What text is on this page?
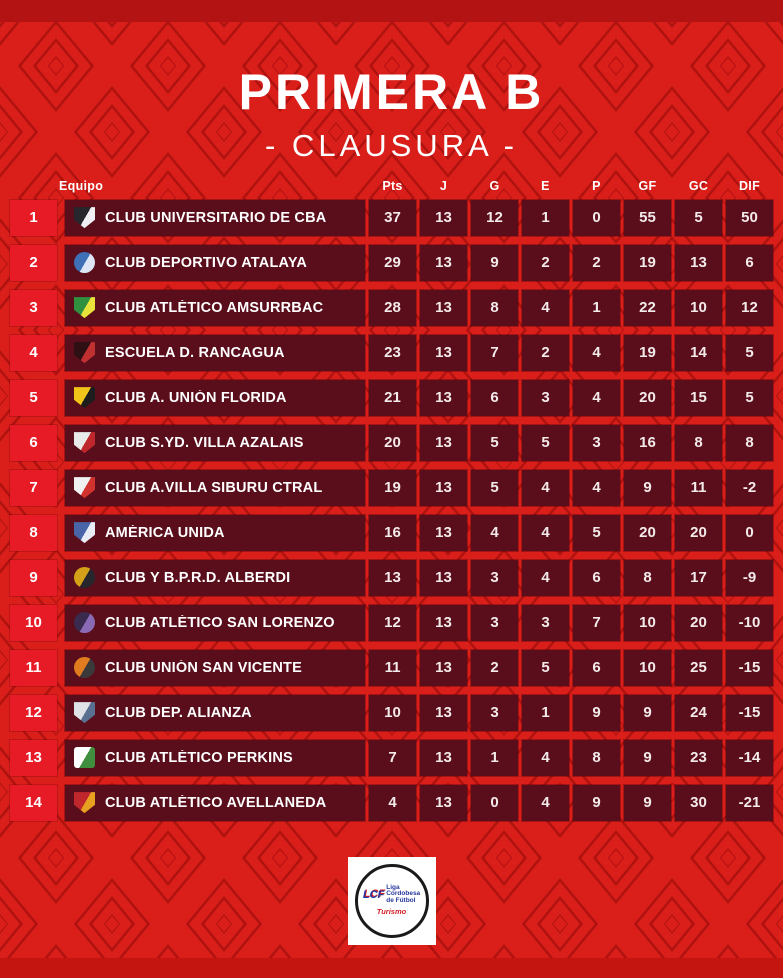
PRIMERA B
- CLAUSURA -
Equipo	Pts	J	G	E	P	GF	GC	DIF
1	CLUB UNIVERSITARIO DE CBA	37	13	12	1	0	55	5	50
2	CLUB DEPORTIVO ATALAYA	29	13	9	2	2	19	13	6
3	CLUB ATLÉTICO AMSURRBAC	28	13	8	4	1	22	10	12
4	ESCUELA D. RANCAGUA	23	13	7	2	4	19	14	5
5	CLUB A. UNIÓN FLORIDA	21	13	6	3	4	20	15	5
6	CLUB S.YD. VILLA AZALAIS	20	13	5	5	3	16	8	8
7	CLUB A.VILLA SIBURU CTRAL	19	13	5	4	4	9	11	-2
8	AMÉRICA UNIDA	16	13	4	4	5	20	20	0
9	CLUB Y B.P.R.D. ALBERDI	13	13	3	4	6	8	17	-9
10	CLUB ATLÉTICO SAN LORENZO	12	13	3	3	7	10	20	-10
11	CLUB UNIÓN SAN VICENTE	11	13	2	5	6	10	25	-15
12	CLUB DEP. ALIANZA	10	13	3	1	9	9	24	-15
13	CLUB ATLÉTICO PERKINS	7	13	1	4	8	9	23	-14
14	CLUB ATLÉTICO AVELLANEDA	4	13	0	4	9	9	30	-21
LCF
Liga
Cordobesa
de Fútbol
Turismo
